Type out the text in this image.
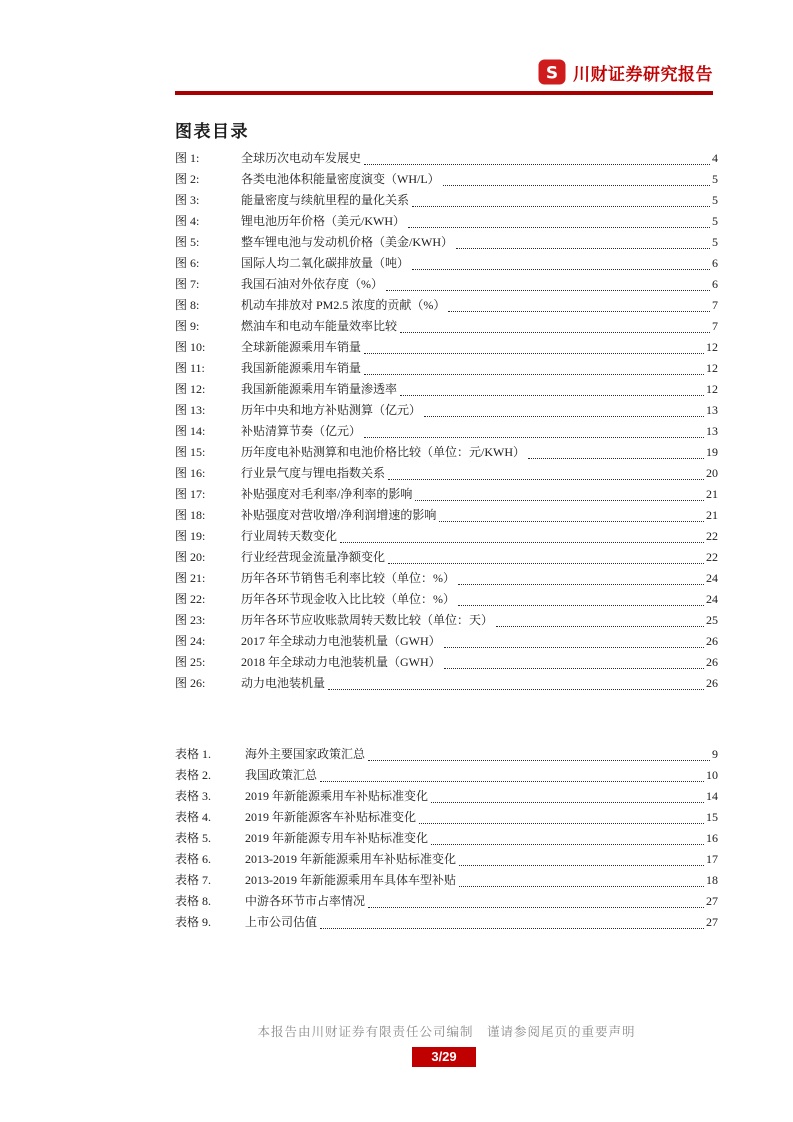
S 川财证券研究报告
图表目录
图 1:	全球历次电动车发展史	4
图 2:	各类电池体积能量密度演变（WH/L）	5
图 3:	能量密度与续航里程的量化关系	5
图 4:	锂电池历年价格（美元/KWH）	5
图 5:	整车锂电池与发动机价格（美金/KWH）	5
图 6:	国际人均二氧化碳排放量（吨）	6
图 7:	我国石油对外依存度（%）	6
图 8:	机动车排放对 PM2.5 浓度的贡献（%）	7
图 9:	燃油车和电动车能量效率比较	7
图 10:	全球新能源乘用车销量	12
图 11:	我国新能源乘用车销量	12
图 12:	我国新能源乘用车销量渗透率	12
图 13:	历年中央和地方补贴测算（亿元）	13
图 14:	补贴清算节奏（亿元）	13
图 15:	历年度电补贴测算和电池价格比较（单位：元/KWH）	19
图 16:	行业景气度与锂电指数关系	20
图 17:	补贴强度对毛利率/净利率的影响	21
图 18:	补贴强度对营收增/净利润增速的影响	21
图 19:	行业周转天数变化	22
图 20:	行业经营现金流量净额变化	22
图 21:	历年各环节销售毛利率比较（单位：%）	24
图 22:	历年各环节现金收入比比较（单位：%）	24
图 23:	历年各环节应收账款周转天数比较（单位：天）	25
图 24:	2017 年全球动力电池装机量（GWH）	26
图 25:	2018 年全球动力电池装机量（GWH）	26
图 26:	动力电池装机量	26
表格 1.	海外主要国家政策汇总	9
表格 2.	我国政策汇总	10
表格 3.	2019 年新能源乘用车补贴标准变化	14
表格 4.	2019 年新能源客车补贴标准变化	15
表格 5.	2019 年新能源专用车补贴标准变化	16
表格 6.	2013-2019 年新能源乘用车补贴标准变化	17
表格 7.	2013-2019 年新能源乘用车具体车型补贴	18
表格 8.	中游各环节市占率情况	27
表格 9.	上市公司估值	27
本报告由川财证券有限责任公司编制　谨请参阅尾页的重要声明
3/29
